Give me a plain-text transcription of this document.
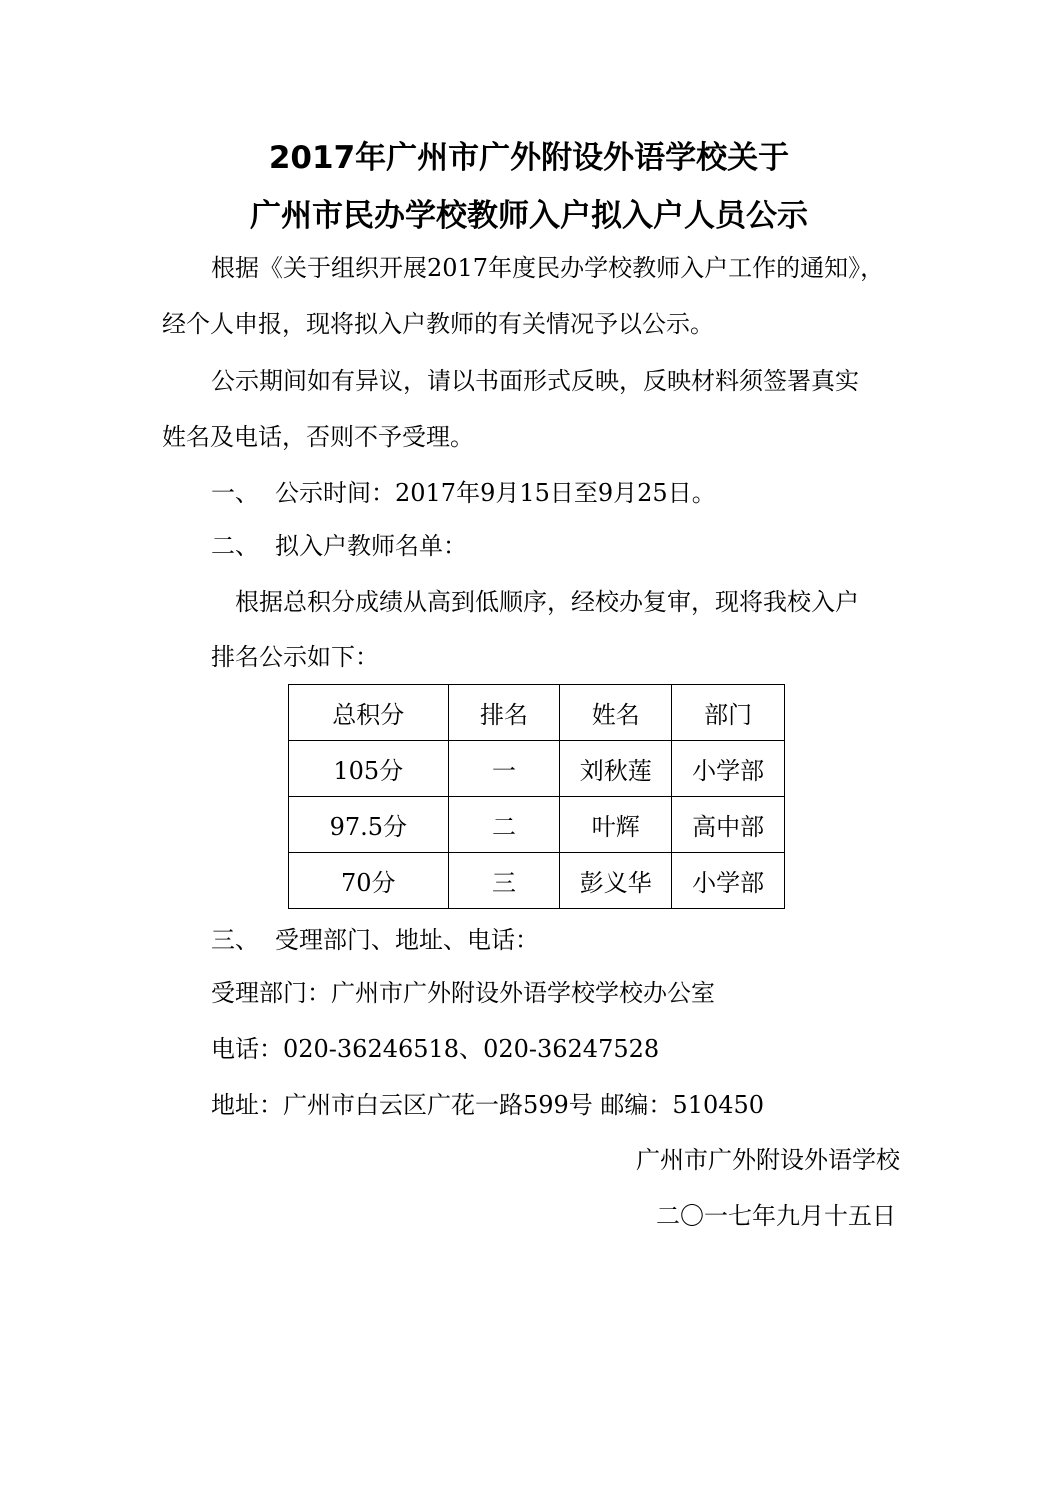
2017年广州市广外附设外语学校关于
广州市民办学校教师入户拟入户人员公示
根据《关于组织开展2017年度民办学校教师入户工作的通知》，
经个人申报，现将拟入户教师的有关情况予以公示。
公示期间如有异议，请以书面形式反映，反映材料须签署真实
姓名及电话，否则不予受理。
一、 公示时间：2017年9月15日至9月25日。
二、 拟入户教师名单：
根据总积分成绩从高到低顺序，经校办复审，现将我校入户
排名公示如下：
总积分	排名	姓名	部门
105分	一	刘秋莲	小学部
97.5分	二	叶辉	高中部
70分	三	彭义华	小学部
三、 受理部门、地址、电话：
受理部门：广州市广外附设外语学校学校办公室
电话：020-36246518、020-36247528
地址：广州市白云区广花一路599号 邮编：510450
广州市广外附设外语学校
二〇一七年九月十五日
